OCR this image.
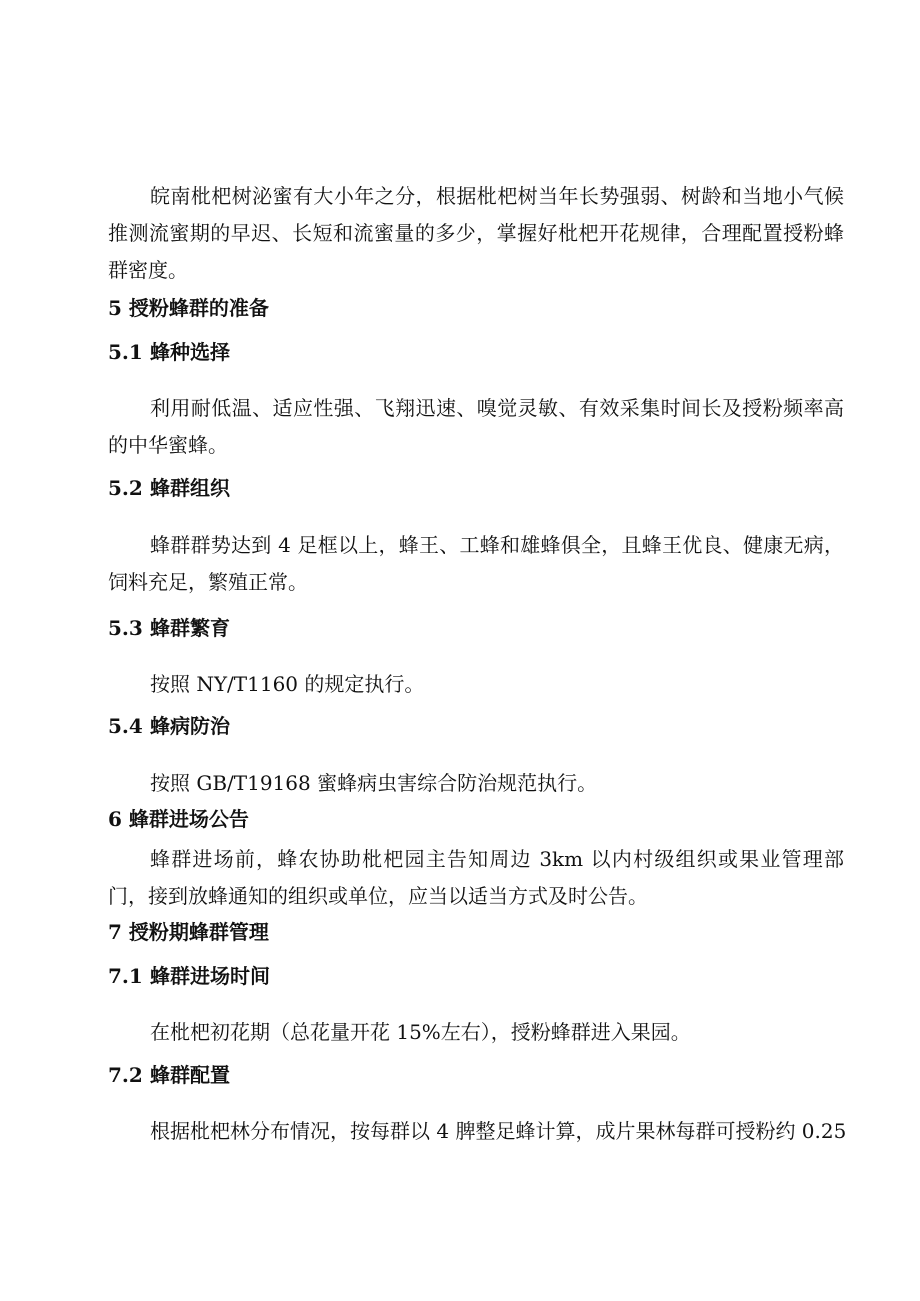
皖南枇杷树泌蜜有大小年之分，根据枇杷树当年长势强弱、树龄和当地小气候推测流蜜期的早迟、长短和流蜜量的多少，掌握好枇杷开花规律，合理配置授粉蜂群密度。

5 授粉蜂群的准备
5.1 蜂种选择

利用耐低温、适应性强、飞翔迅速、嗅觉灵敏、有效采集时间长及授粉频率高的中华蜜蜂。

5.2 蜂群组织

蜂群群势达到 4 足框以上，蜂王、工蜂和雄蜂俱全，且蜂王优良、健康无病，饲料充足，繁殖正常。

5.3 蜂群繁育

按照 NY/T1160 的规定执行。

5.4 蜂病防治

按照 GB/T19168 蜜蜂病虫害综合防治规范执行。

6 蜂群进场公告

蜂群进场前，蜂农协助枇杷园主告知周边 3km 以内村级组织或果业管理部门，接到放蜂通知的组织或单位，应当以适当方式及时公告。

7 授粉期蜂群管理
7.1 蜂群进场时间

在枇杷初花期（总花量开花 15%左右），授粉蜂群进入果园。

7.2 蜂群配置

根据枇杷林分布情况，按每群以 4 脾整足蜂计算，成片果林每群可授粉约 0.25
